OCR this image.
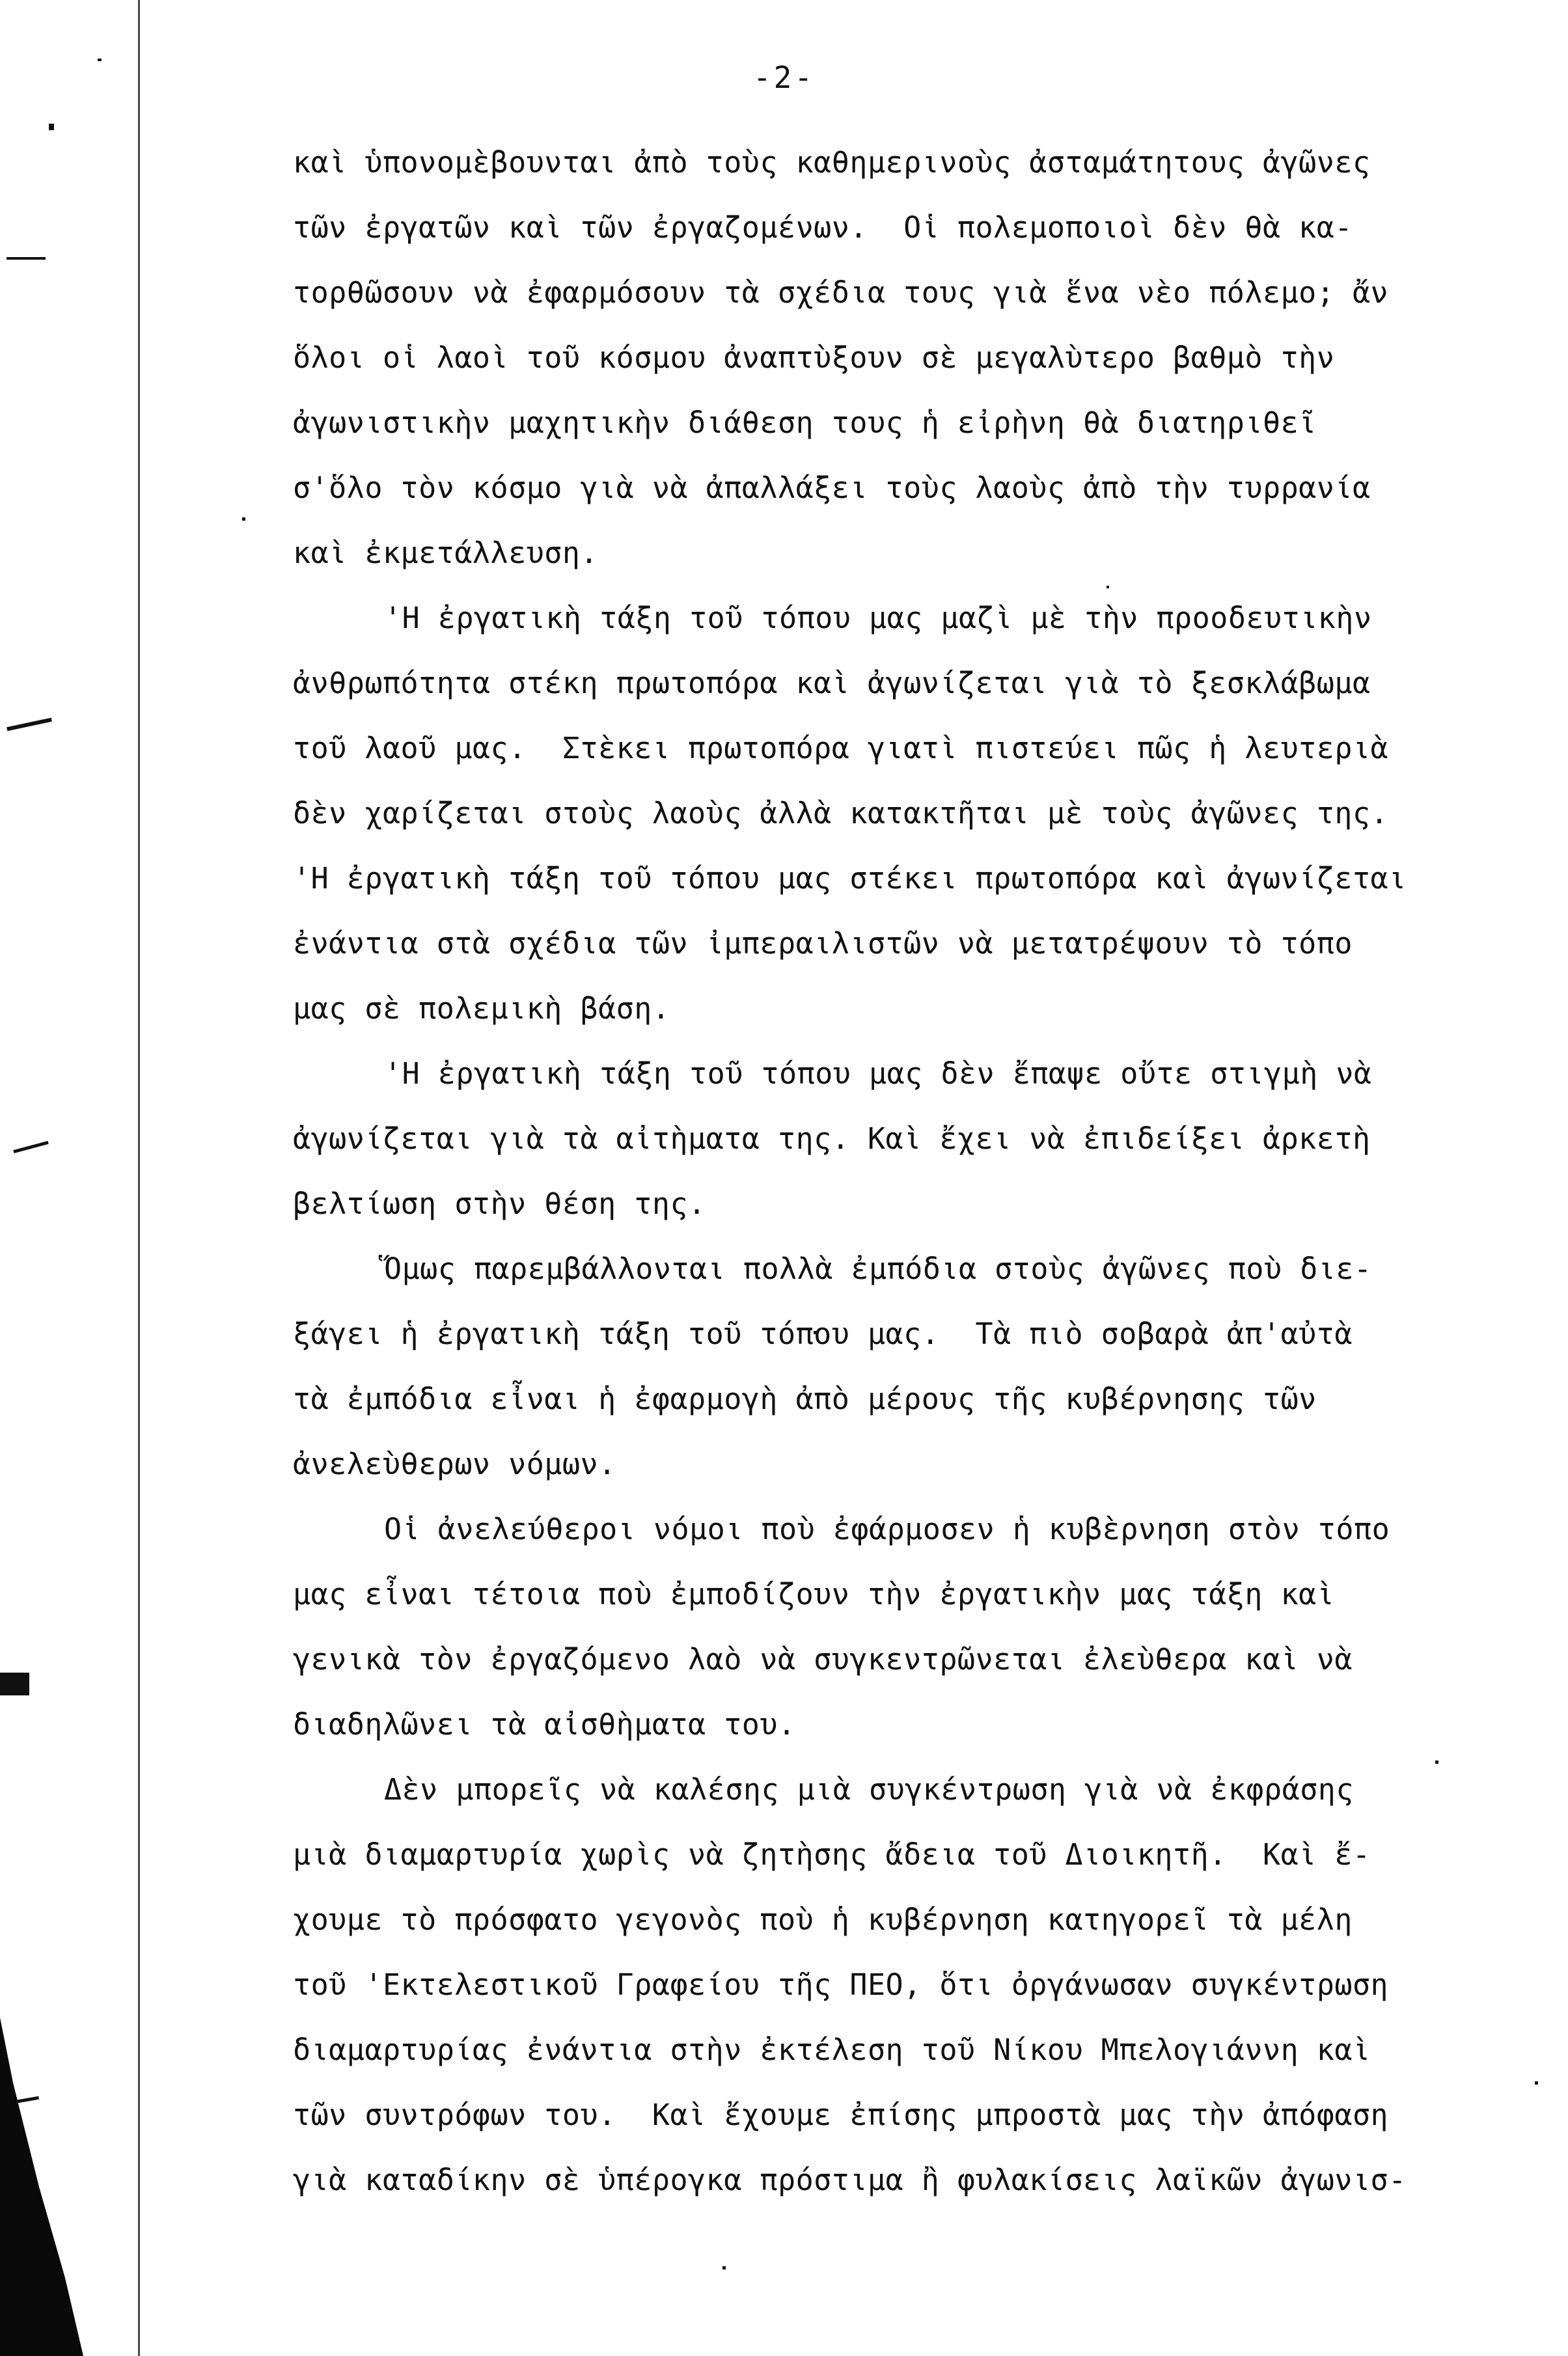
-2-
καὶ ὑπονομὲβουνται ἀπὸ τοὺς καθημερινοὺς ἀσταμάτητους ἀγῶνες
τῶν ἐργατῶν καὶ τῶν ἐργαζομένων.  Οἱ πολεμοποιοὶ δὲν θὰ κα-
τορθῶσουν νὰ ἐφαρμόσουν τὰ σχέδια τους γιὰ ἕνα νὲο πόλεμο; ἄν
ὅλοι οἱ λαοὶ τοῦ κόσμου ἀναπτὺξουν σὲ μεγαλὺτερο βαθμὸ τὴν
ἀγωνιστικὴν μαχητικὴν διάθεση τους ἡ εἰρὴνη θὰ διατηριθεῖ
σ'ὅλο τὸν κόσμο γιὰ νὰ ἀπαλλάξει τοὺς λαοὺς ἀπὸ τὴν τυρρανία
καὶ ἐκμετάλλευση.
'Η ἐργατικὴ τάξη τοῦ τόπου μας μαζὶ μὲ τὴν προοδευτικὴν
ἀνθρωπότητα στέκη πρωτοπόρα καὶ ἀγωνίζεται γιὰ τὸ ξεσκλάβωμα
τοῦ λαοῦ μας.  Στὲκει πρωτοπόρα γιατὶ πιστεύει πῶς ἡ λευτεριὰ
δὲν χαρίζεται στοὺς λαοὺς ἀλλὰ κατακτῆται μὲ τοὺς ἀγῶνες της.
'Η ἐργατικὴ τάξη τοῦ τόπου μας στέκει πρωτοπόρα καὶ ἀγωνίζεται
ἐνάντια στὰ σχέδια τῶν ἰμπεραιλιστῶν νὰ μετατρέψουν τὸ τόπο
μας σὲ πολεμικὴ βάση.
'Η ἐργατικὴ τάξη τοῦ τόπου μας δὲν ἔπαψε οὔτε στιγμὴ νὰ
ἀγωνίζεται γιὰ τὰ αἰτὴματα της. Καὶ ἔχει νὰ ἐπιδείξει ἀρκετὴ
βελτίωση στὴν θέση της.
Ὅμως παρεμβάλλονται πολλὰ ἐμπόδια στοὺς ἀγῶνες ποὺ διε-
ξάγει ἡ ἐργατικὴ τάξη τοῦ τόπου μας.  Τὰ πιὸ σοβαρὰ ἀπ'αὐτὰ
τὰ ἐμπόδια εἶναι ἡ ἐφαρμογὴ ἀπὸ μέρους τῆς κυβέρνησης τῶν
ἀνελεὺθερων νόμων.
Οἱ ἀνελεύθεροι νόμοι ποὺ ἐφάρμοσεν ἡ κυβὲρνηση στὸν τόπο
μας εἶναι τέτοια ποὺ ἐμποδίζουν τὴν ἐργατικὴν μας τάξη καὶ
γενικὰ τὸν ἐργαζόμενο λαὸ νὰ συγκεντρῶνεται ἐλεὺθερα καὶ νὰ
διαδηλῶνει τὰ αἰσθὴματα του.
Δὲν μπορεῖς νὰ καλέσης μιὰ συγκέντρωση γιὰ νὰ ἐκφράσης
μιὰ διαμαρτυρία χωρὶς νὰ ζητὴσης ἄδεια τοῦ Διοικητῆ.  Καὶ ἔ-
χουμε τὸ πρόσφατο γεγονὸς ποὺ ἡ κυβέρνηση κατηγορεῖ τὰ μέλη
τοῦ 'Εκτελεστικοῦ Γραφείου τῆς ΠΕΟ, ὅτι ὀργάνωσαν συγκέντρωση
διαμαρτυρίας ἐνάντια στὴν ἐκτέλεση τοῦ Νίκου Μπελογιάννη καὶ
τῶν συντρόφων του.  Καὶ ἔχουμε ἐπίσης μπροστὰ μας τὴν ἀπόφαση
γιὰ καταδίκην σὲ ὑπέρογκα πρόστιμα ἢ φυλακίσεις λαϊκῶν ἀγωνισ-
